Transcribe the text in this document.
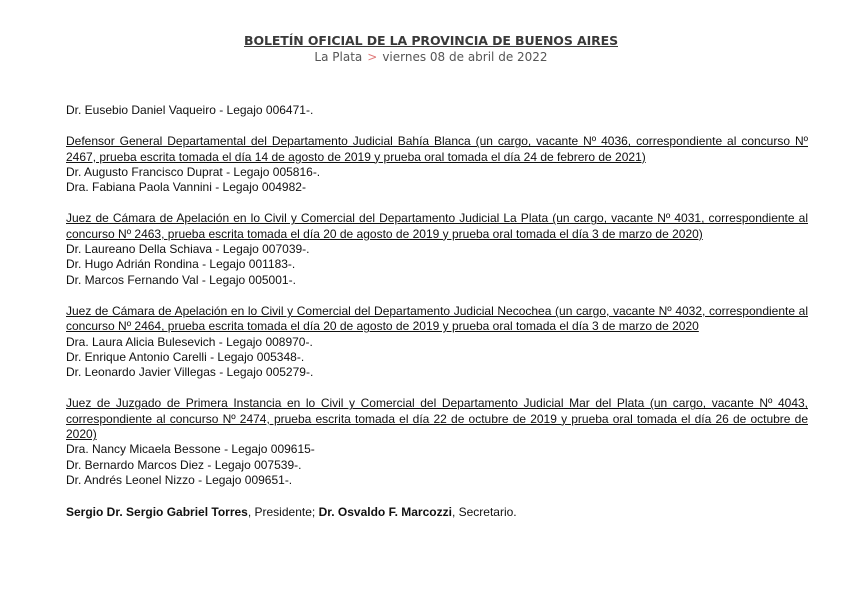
BOLETÍN OFICIAL DE LA PROVINCIA DE BUENOS AIRES
La Plata > viernes 08 de abril de 2022
Dr. Eusebio Daniel Vaqueiro - Legajo 006471-.
Defensor General Departamental del Departamento Judicial Bahía Blanca (un cargo, vacante Nº 4036, correspondiente al concurso Nº 2467, prueba escrita tomada el día 14 de agosto de 2019 y prueba oral tomada el día 24 de febrero de 2021)
Dr. Augusto Francisco Duprat - Legajo 005816-.
Dra. Fabiana Paola Vannini - Legajo 004982-
Juez de Cámara de Apelación en lo Civil y Comercial del Departamento Judicial La Plata (un cargo, vacante Nº 4031, correspondiente al concurso Nº 2463, prueba escrita tomada el día 20 de agosto de 2019 y prueba oral tomada el día 3 de marzo de 2020)
Dr. Laureano Della Schiava - Legajo 007039-.
Dr. Hugo Adrián Rondina - Legajo 001183-.
Dr. Marcos Fernando Val - Legajo 005001-.
Juez de Cámara de Apelación en lo Civil y Comercial del Departamento Judicial Necochea (un cargo, vacante Nº 4032, correspondiente al concurso Nº 2464, prueba escrita tomada el día 20 de agosto de 2019 y prueba oral tomada el día 3 de marzo de 2020
Dra. Laura Alicia Bulesevich - Legajo 008970-.
Dr. Enrique Antonio Carelli - Legajo 005348-.
Dr. Leonardo Javier Villegas - Legajo 005279-.
Juez de Juzgado de Primera Instancia en lo Civil y Comercial del Departamento Judicial Mar del Plata (un cargo, vacante Nº 4043, correspondiente al concurso Nº 2474, prueba escrita tomada el día 22 de octubre de 2019 y prueba oral tomada el día 26 de octubre de 2020)
Dra. Nancy Micaela Bessone - Legajo 009615-
Dr. Bernardo Marcos Diez - Legajo 007539-.
Dr. Andrés Leonel Nizzo - Legajo 009651-.
Sergio Dr. Sergio Gabriel Torres, Presidente; Dr. Osvaldo F. Marcozzi, Secretario.
